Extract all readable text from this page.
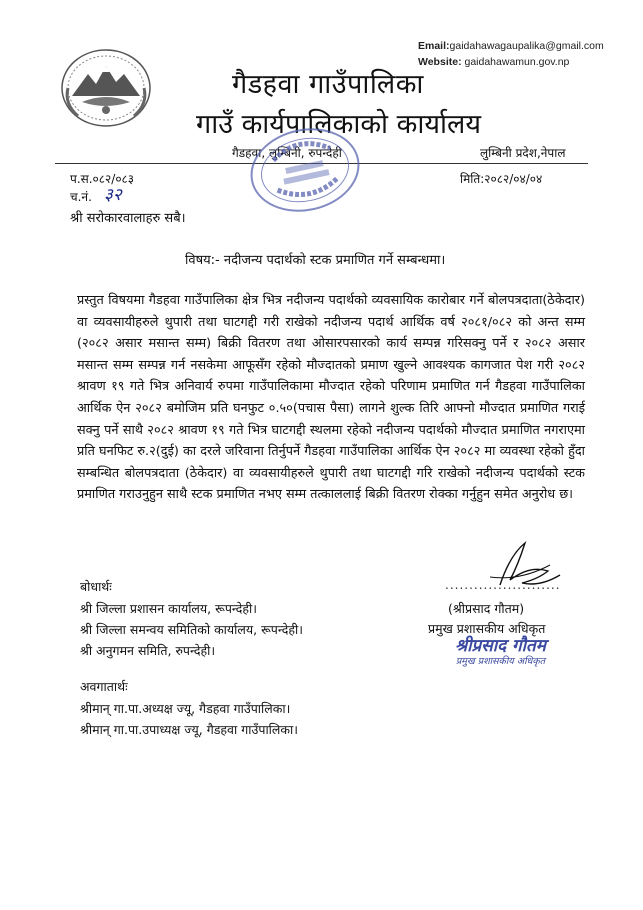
Email:gaidahawagaupalika@gmail.com
Website: gaidahawamun.gov.np
गैडहवा गाउँपालिका
गाउँ कार्यपालिकाको कार्यालय
गैडहवा, लुम्बिनी, रुपन्देही	लुम्बिनी प्रदेश,नेपाल
प.स.०८२/०८३	मिति:२०८२/०४/०४
च.नं. ३२
श्री सरोकारवालाहरु सबै।
विषय:- नदीजन्य पदार्थको स्टक प्रमाणित गर्ने सम्बन्धमा।
प्रस्तुत विषयमा गैडहवा गाउँपालिका क्षेत्र भित्र नदीजन्य पदार्थको व्यवसायिक कारोबार गर्ने बोलपत्रदाता(ठेकेदार) वा व्यवसायीहरुले थुपारी तथा घाटगद्दी गरी राखेको नदीजन्य पदार्थ आर्थिक वर्ष २०८१/०८२ को अन्त सम्म (२०८२ असार मसान्त सम्म) बिक्री वितरण तथा ओसारपसारको कार्य सम्पन्न गरिसक्नु पर्ने र २०८२ असार मसान्त सम्म सम्पन्न गर्न नसकेमा आफूसँग रहेको मौज्दातको प्रमाण खुल्ने आवश्यक कागजात पेश गरी २०८२ श्रावण १९ गते भित्र अनिवार्य रुपमा गाउँपालिकामा मौज्दात रहेको परिणाम प्रमाणित गर्न गैडहवा गाउँपालिका आर्थिक ऐन २०८२ बमोजिम प्रति घनफुट ०.५०(पचास पैसा) लागने शुल्क तिरि आफ्नो मौज्दात प्रमाणित गराई सक्नु पर्ने साथै २०८२ श्रावण १९ गते भित्र घाटगद्दी स्थलमा रहेको नदीजन्य पदार्थको मौज्दात प्रमाणित नगराएमा प्रति घनफिट रु.२(दुई) का दरले जरिवाना तिर्नुपर्ने गैडहवा गाउँपालिका आर्थिक ऐन २०८२ मा व्यवस्था रहेको हुँदा सम्बन्धित बोलपत्रदाता (ठेकेदार) वा व्यवसायीहरुले थुपारी तथा घाटगद्दी गरि राखेको नदीजन्य पदार्थको स्टक प्रमाणित गराउनुहुन साथै स्टक प्रमाणित नभए सम्म तत्काललाई बिक्री वितरण रोक्का गर्नुहुन समेत अनुरोध छ।
........................
(श्रीप्रसाद गौतम)
प्रमुख प्रशासकीय अधिकृत
श्रीप्रसाद गौतम
प्रमुख प्रशासकीय अधिकृत
बोधार्थः
श्री जिल्ला प्रशासन कार्यालय, रूपन्देही।
श्री जिल्ला समन्वय समितिको कार्यालय, रूपन्देही।
श्री अनुगमन समिति, रुपन्देही।
अवगातार्थः
श्रीमान् गा.पा.अध्यक्ष ज्यू, गैडहवा गाउँपालिका।
श्रीमान् गा.पा.उपाध्यक्ष ज्यू, गैडहवा गाउँपालिका।
